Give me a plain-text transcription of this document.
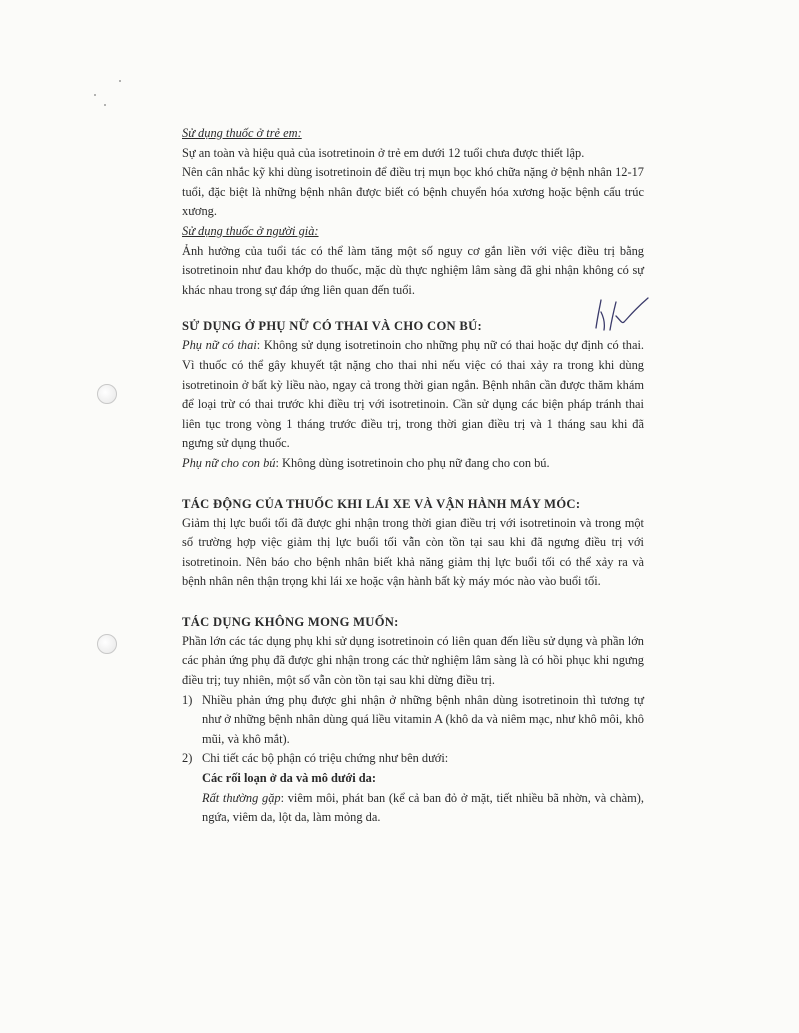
Sử dụng thuốc ở trẻ em:

Sự an toàn và hiệu quả của isotretinoin ở trẻ em dưới 12 tuổi chưa được thiết lập.

Nên cân nhắc kỹ khi dùng isotretinoin để điều trị mụn bọc khó chữa nặng ở bệnh nhân 12-17 tuổi, đặc biệt là những bệnh nhân được biết có bệnh chuyển hóa xương hoặc bệnh cấu trúc xương.

Sử dụng thuốc ở người già:

Ảnh hưởng của tuổi tác có thể làm tăng một số nguy cơ gắn liền với việc điều trị bằng isotretinoin như đau khớp do thuốc, mặc dù thực nghiệm lâm sàng đã ghi nhận không có sự khác nhau trong sự đáp ứng liên quan đến tuổi.

SỬ DỤNG Ở PHỤ NỮ CÓ THAI VÀ CHO CON BÚ:

Phụ nữ có thai: Không sử dụng isotretinoin cho những phụ nữ có thai hoặc dự định có thai. Vì thuốc có thể gây khuyết tật nặng cho thai nhi nếu việc có thai xảy ra trong khi dùng isotretinoin ở bất kỳ liều nào, ngay cả trong thời gian ngắn. Bệnh nhân cần được thăm khám để loại trừ có thai trước khi điều trị với isotretinoin. Cần sử dụng các biện pháp tránh thai liên tục trong vòng 1 tháng trước điều trị, trong thời gian điều trị và 1 tháng sau khi đã ngưng sử dụng thuốc.

Phụ nữ cho con bú: Không dùng isotretinoin cho phụ nữ đang cho con bú.

TÁC ĐỘNG CỦA THUỐC KHI LÁI XE VÀ VẬN HÀNH MÁY MÓC:

Giảm thị lực buổi tối đã được ghi nhận trong thời gian điều trị với isotretinoin và trong một số trường hợp việc giảm thị lực buổi tối vẫn còn tồn tại sau khi đã ngưng điều trị với isotretinoin. Nên báo cho bệnh nhân biết khả năng giảm thị lực buổi tối có thể xảy ra và bệnh nhân nên thận trọng khi lái xe hoặc vận hành bất kỳ máy móc nào vào buổi tối.

TÁC DỤNG KHÔNG MONG MUỐN:

Phần lớn các tác dụng phụ khi sử dụng isotretinoin có liên quan đến liều sử dụng và phần lớn các phản ứng phụ đã được ghi nhận trong các thử nghiệm lâm sàng là có hồi phục khi ngưng điều trị; tuy nhiên, một số vẫn còn tồn tại sau khi dừng điều trị.

1) Nhiều phản ứng phụ được ghi nhận ở những bệnh nhân dùng isotretinoin thì tương tự như ở những bệnh nhân dùng quá liều vitamin A (khô da và niêm mạc, như khô môi, khô mũi, và khô mắt).
2) Chi tiết các bộ phận có triệu chứng như bên dưới:
Các rối loạn ở da và mô dưới da:
Rất thường gặp: viêm môi, phát ban (kể cả ban đỏ ở mặt, tiết nhiều bã nhờn, và chàm), ngứa, viêm da, lột da, làm mỏng da.
